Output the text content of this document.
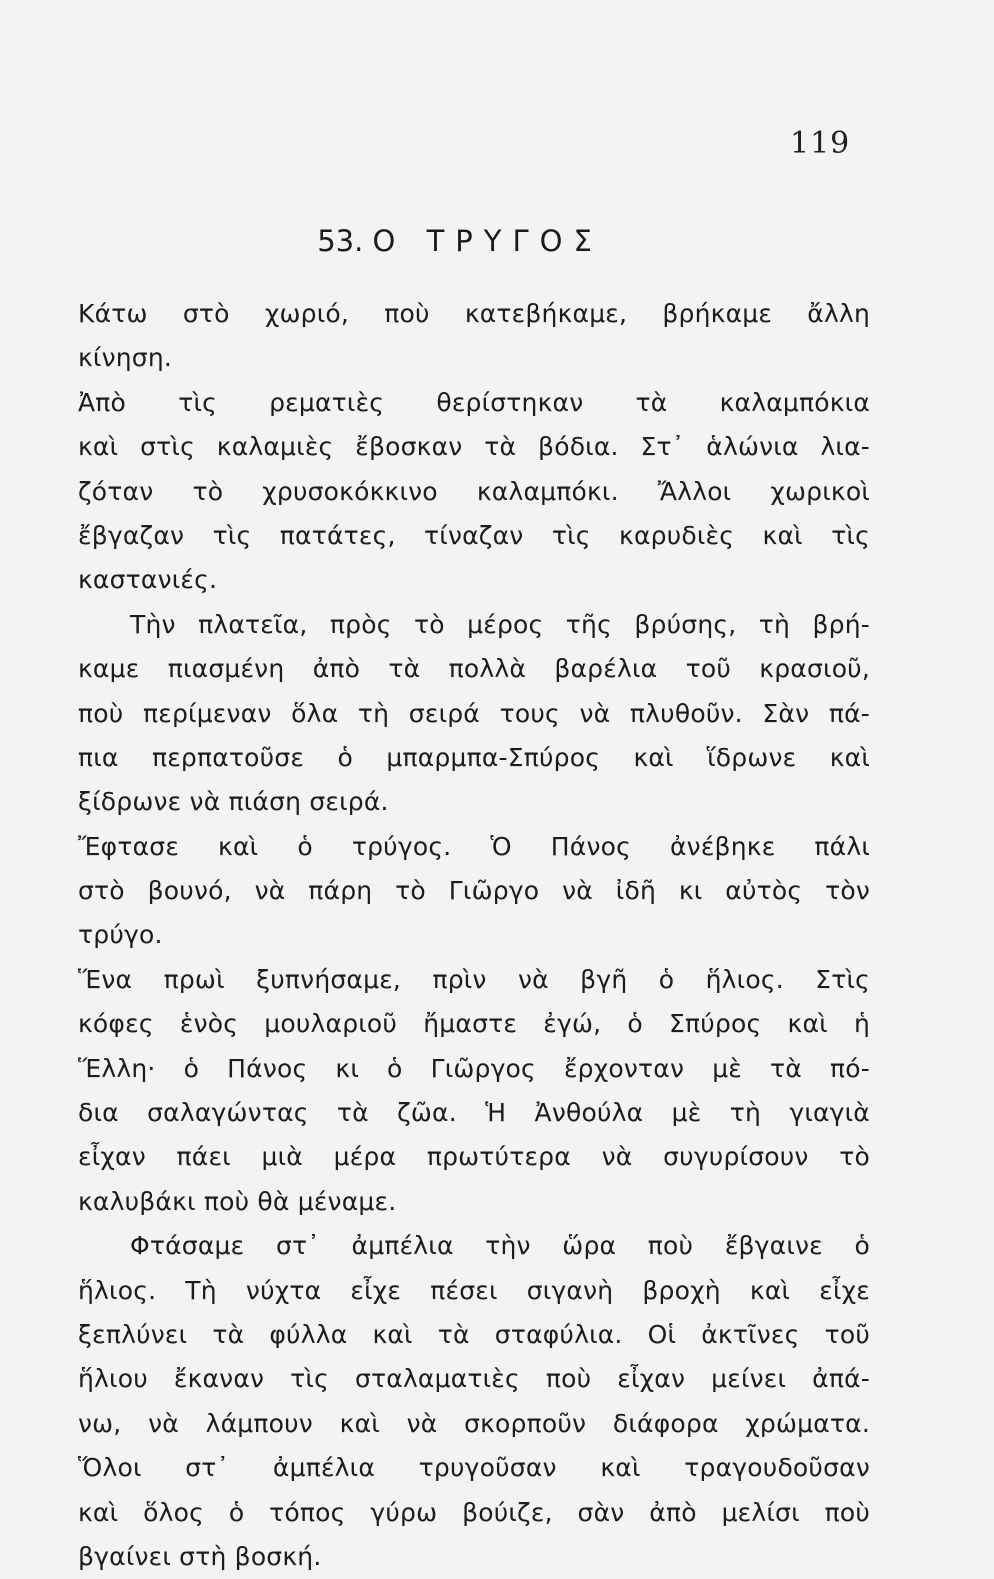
119
53. Ο ΤΡΥΓΟΣ
Κάτω στὸ χωριό, ποὺ κατεβήκαμε, βρήκαμε ἄλλη
κίνηση.
Ἀπὸ τὶς ρεματιὲς θερίστηκαν τὰ καλαμπόκια
καὶ στὶς καλαμιὲς ἔβοσκαν τὰ βόδια. Στ᾽ ἁλώνια λια-
ζόταν τὸ χρυσοκόκκινο καλαμπόκι. Ἄλλοι χωρικοὶ
ἔβγαζαν τὶς πατάτες, τίναζαν τὶς καρυδιὲς καὶ τὶς
καστανιές.
Τὴν πλατεῖα, πρὸς τὸ μέρος τῆς βρύσης, τὴ βρή-
καμε πιασμένη ἀπὸ τὰ πολλὰ βαρέλια τοῦ κρασιοῦ,
ποὺ περίμεναν ὅλα τὴ σειρά τους νὰ πλυθοῦν. Σὰν πά-
πια περπατοῦσε ὁ μπαρμπα-Σπύρος καὶ ἵδρωνε καὶ
ξίδρωνε νὰ πιάση σειρά.
Ἔφτασε καὶ ὁ τρύγος. Ὁ Πάνος ἀνέβηκε πάλι
στὸ βουνό, νὰ πάρη τὸ Γιῶργο νὰ ἰδῆ κι αὐτὸς τὸν
τρύγο.
Ἕνα πρωὶ ξυπνήσαμε, πρὶν νὰ βγῆ ὁ ἥλιος. Στὶς
κόφες ἑνὸς μουλαριοῦ ἤμαστε ἐγώ, ὁ Σπύρος καὶ ἡ
Ἕλλη· ὁ Πάνος κι ὁ Γιῶργος ἔρχονταν μὲ τὰ πό-
δια σαλαγώντας τὰ ζῶα. Ἡ Ἀνθούλα μὲ τὴ γιαγιὰ
εἶχαν πάει μιὰ μέρα πρωτύτερα νὰ συγυρίσουν τὸ
καλυβάκι ποὺ θὰ μέναμε.
Φτάσαμε στ᾽ ἀμπέλια τὴν ὥρα ποὺ ἔβγαινε ὁ
ἥλιος. Τὴ νύχτα εἶχε πέσει σιγανὴ βροχὴ καὶ εἶχε
ξεπλύνει τὰ φύλλα καὶ τὰ σταφύλια. Οἱ ἀκτῖνες τοῦ
ἥλιου ἔκαναν τὶς σταλαματιὲς ποὺ εἶχαν μείνει ἀπά-
νω, νὰ λάμπουν καὶ νὰ σκορποῦν διάφορα χρώματα.
Ὅλοι στ᾽ ἀμπέλια τρυγοῦσαν καὶ τραγουδοῦσαν
καὶ ὅλος ὁ τόπος γύρω βούιζε, σὰν ἀπὸ μελίσι ποὺ
βγαίνει στὴ βοσκή.
